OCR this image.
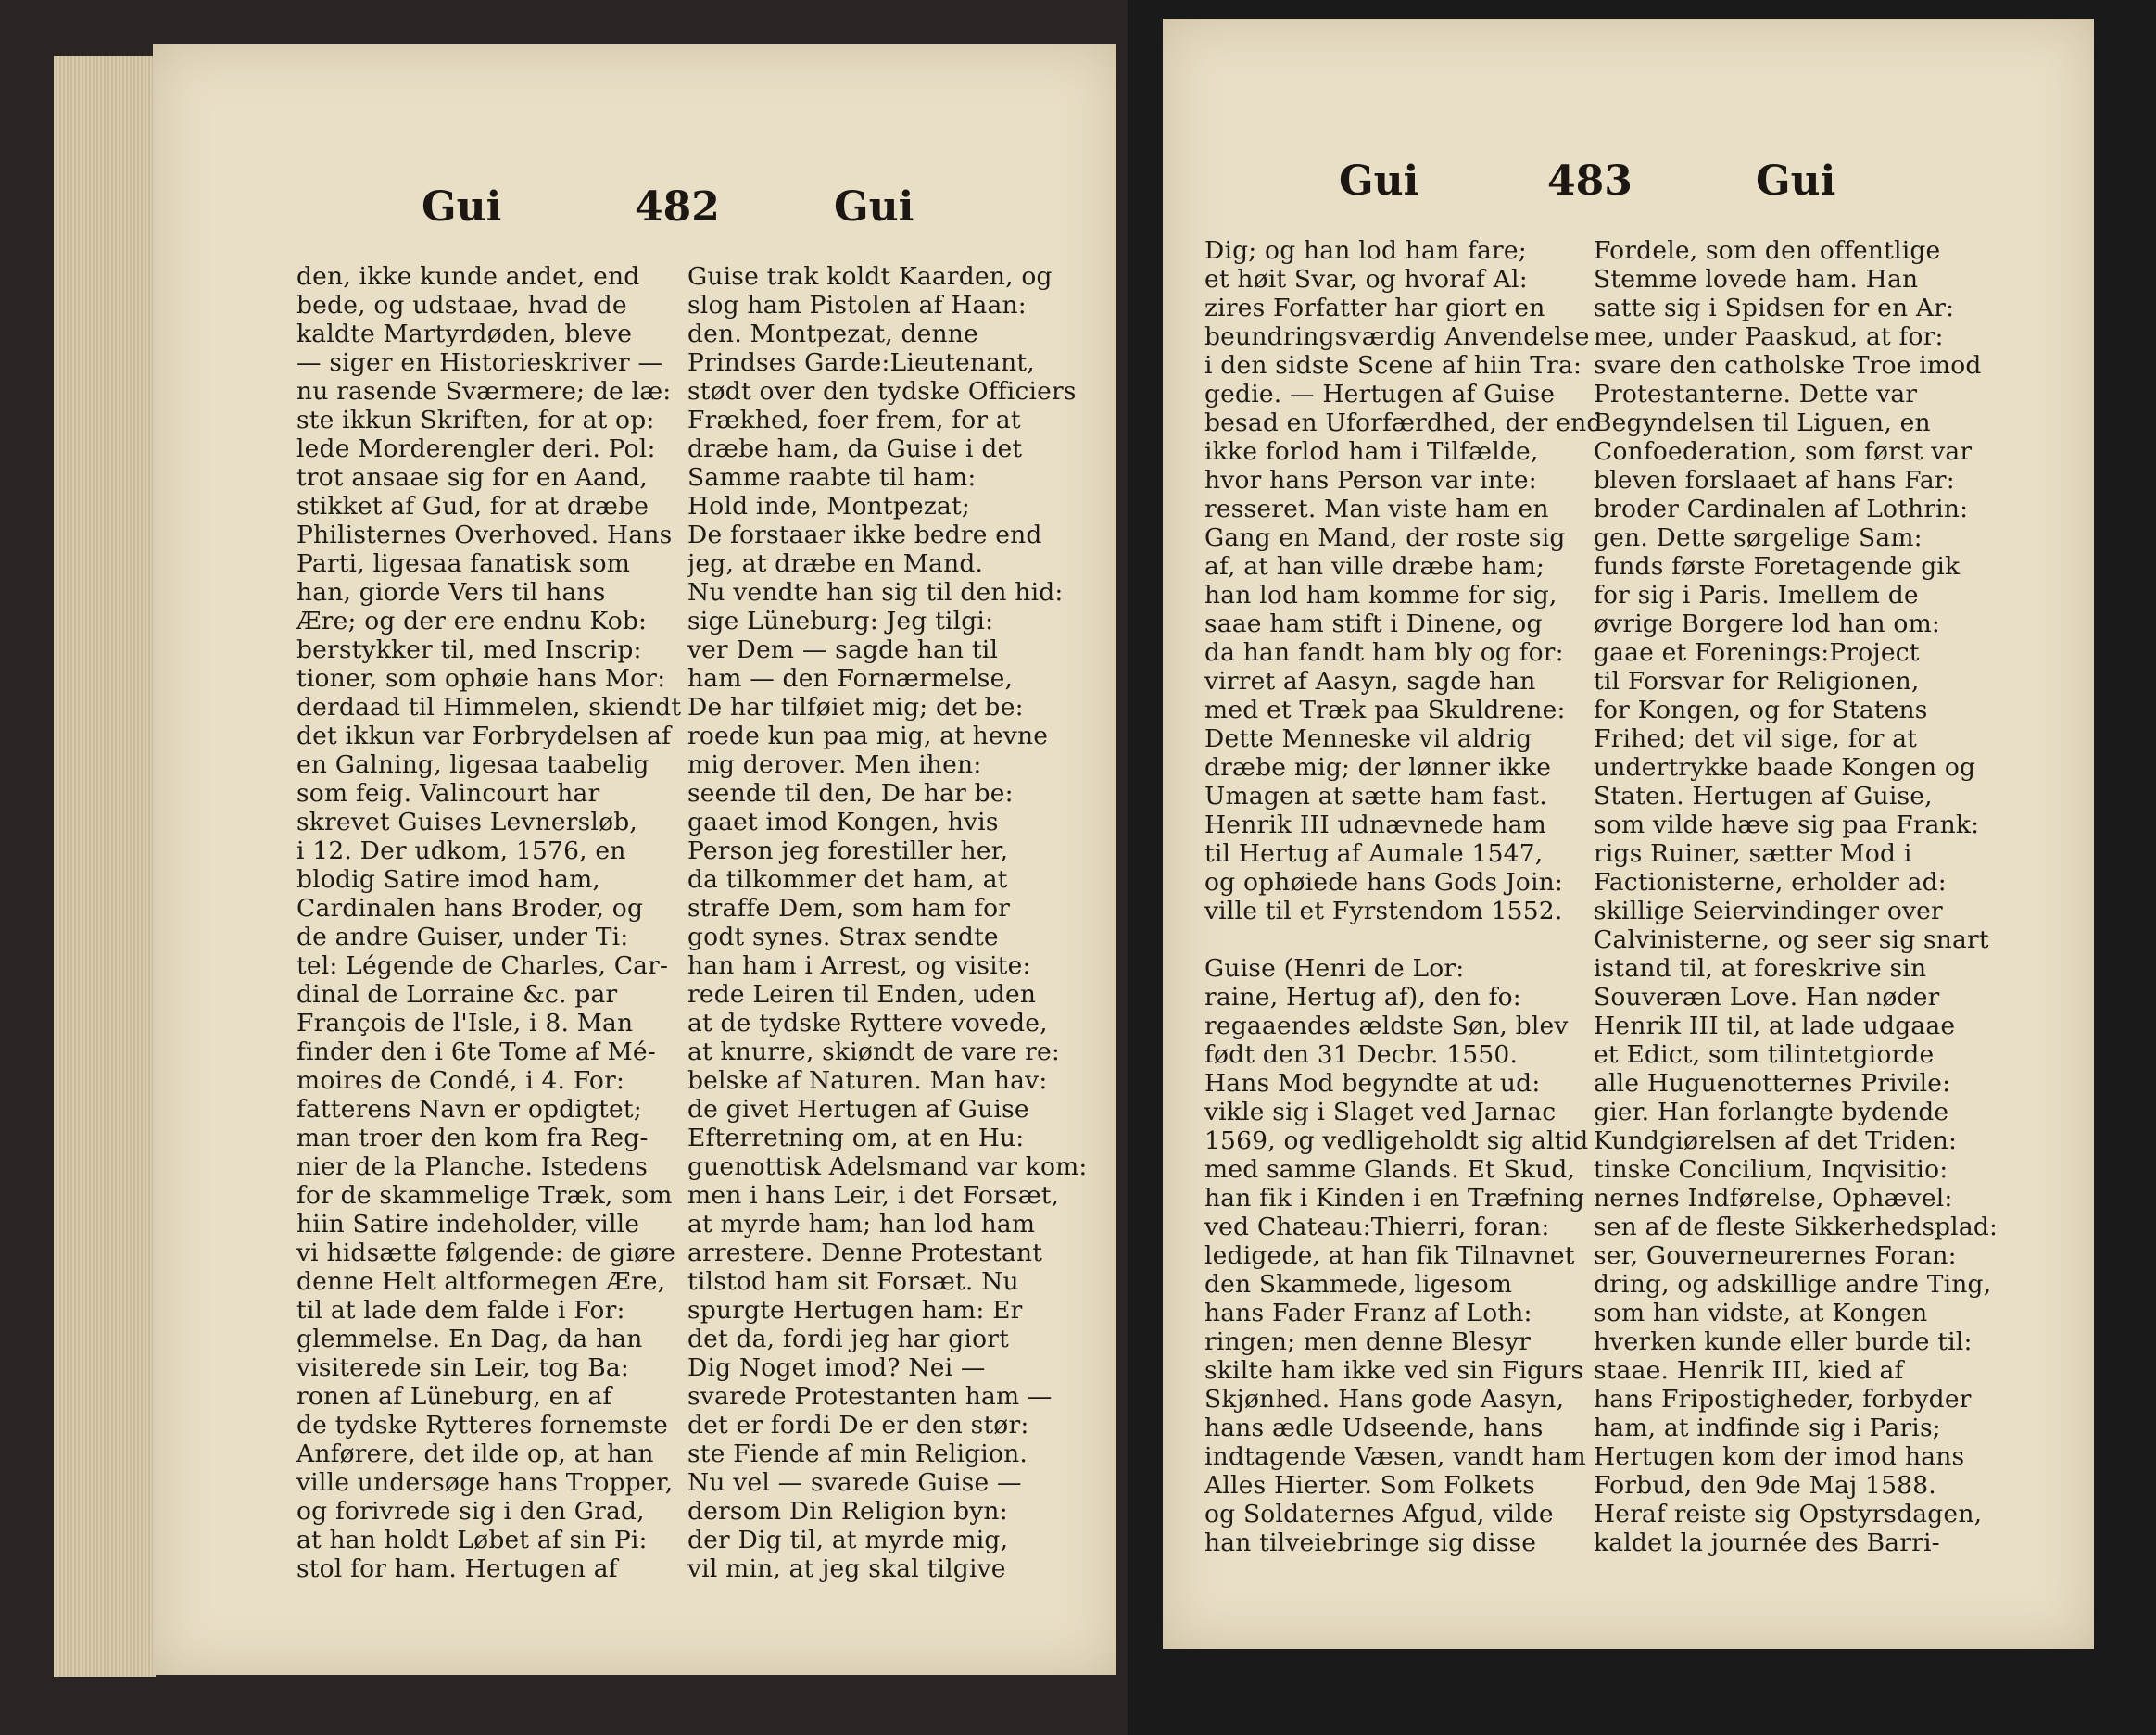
Gui	482	Gui
den, ikke kunde andet, end
bede, og udstaae, hvad de
kaldte Martyrdøden, bleve
— siger en Historieskriver —
nu rasende Sværmere; de læ:
ste ikkun Skriften, for at op:
lede Morderengler deri. Pol:
trot ansaae sig for en Aand,
stikket af Gud, for at dræbe
Philisternes Overhoved. Hans
Parti, ligesaa fanatisk som
han, giorde Vers til hans
Ære; og der ere endnu Kob:
berstykker til, med Inscrip:
tioner, som ophøie hans Mor:
derdaad til Himmelen, skiendt
det ikkun var Forbrydelsen af
en Galning, ligesaa taabelig
som feig. Valincourt har
skrevet Guises Levnersløb,
i 12. Der udkom, 1576, en
blodig Satire imod ham,
Cardinalen hans Broder, og
de andre Guiser, under Ti:
tel: Légende de Charles, Car-
dinal de Lorraine &c. par
François de l'Isle, i 8. Man
finder den i 6te Tome af Mé-
moires de Condé, i 4. For:
fatterens Navn er opdigtet;
man troer den kom fra Reg-
nier de la Planche. Istedens
for de skammelige Træk, som
hiin Satire indeholder, ville
vi hidsætte følgende: de giøre
denne Helt altformegen Ære,
til at lade dem falde i For:
glemmelse. En Dag, da han
visiterede sin Leir, tog Ba:
ronen af Lüneburg, en af
de tydske Rytteres fornemste
Anførere, det ilde op, at han
ville undersøge hans Tropper,
og forivrede sig i den Grad,
at han holdt Løbet af sin Pi:
stol for ham. Hertugen af
Guise trak koldt Kaarden, og
slog ham Pistolen af Haan:
den. Montpezat, denne
Prindses Garde:Lieutenant,
stødt over den tydske Officiers
Frækhed, foer frem, for at
dræbe ham, da Guise i det
Samme raabte til ham:
Hold inde, Montpezat;
De forstaaer ikke bedre end
jeg, at dræbe en Mand.
Nu vendte han sig til den hid:
sige Lüneburg: Jeg tilgi:
ver Dem — sagde han til
ham — den Fornærmelse,
De har tilføiet mig; det be:
roede kun paa mig, at hevne
mig derover. Men ihen:
seende til den, De har be:
gaaet imod Kongen, hvis
Person jeg forestiller her,
da tilkommer det ham, at
straffe Dem, som ham for
godt synes. Strax sendte
han ham i Arrest, og visite:
rede Leiren til Enden, uden
at de tydske Ryttere vovede,
at knurre, skiøndt de vare re:
belske af Naturen. Man hav:
de givet Hertugen af Guise
Efterretning om, at en Hu:
guenottisk Adelsmand var kom:
men i hans Leir, i det Forsæt,
at myrde ham; han lod ham
arrestere. Denne Protestant
tilstod ham sit Forsæt. Nu
spurgte Hertugen ham: Er
det da, fordi jeg har giort
Dig Noget imod? Nei —
svarede Protestanten ham —
det er fordi De er den stør:
ste Fiende af min Religion.
Nu vel — svarede Guise —
dersom Din Religion byn:
der Dig til, at myrde mig,
vil min, at jeg skal tilgive
Gui	483	Gui
Dig; og han lod ham fare;
et høit Svar, og hvoraf Al:
zires Forfatter har giort en
beundringsværdig Anvendelse
i den sidste Scene af hiin Tra:
gedie. — Hertugen af Guise
besad en Uforfærdhed, der end
ikke forlod ham i Tilfælde,
hvor hans Person var inte:
resseret. Man viste ham en
Gang en Mand, der roste sig
af, at han ville dræbe ham;
han lod ham komme for sig,
saae ham stift i Dinene, og
da han fandt ham bly og for:
virret af Aasyn, sagde han
med et Træk paa Skuldrene:
Dette Menneske vil aldrig
dræbe mig; der lønner ikke
Umagen at sætte ham fast.
Henrik III udnævnede ham
til Hertug af Aumale 1547,
og ophøiede hans Gods Join:
ville til et Fyrstendom 1552.

Guise (Henri de Lor:
raine, Hertug af), den fo:
regaaendes ældste Søn, blev
født den 31 Decbr. 1550.
Hans Mod begyndte at ud:
vikle sig i Slaget ved Jarnac
1569, og vedligeholdt sig altid
med samme Glands. Et Skud,
han fik i Kinden i en Træfning
ved Chateau:Thierri, foran:
ledigede, at han fik Tilnavnet
den Skammede, ligesom
hans Fader Franz af Loth:
ringen; men denne Blesyr
skilte ham ikke ved sin Figurs
Skjønhed. Hans gode Aasyn,
hans ædle Udseende, hans
indtagende Væsen, vandt ham
Alles Hierter. Som Folkets
og Soldaternes Afgud, vilde
han tilveiebringe sig disse
Fordele, som den offentlige
Stemme lovede ham. Han
satte sig i Spidsen for en Ar:
mee, under Paaskud, at for:
svare den catholske Troe imod
Protestanterne. Dette var
Begyndelsen til Liguen, en
Confoederation, som først var
bleven forslaaet af hans Far:
broder Cardinalen af Lothrin:
gen. Dette sørgelige Sam:
funds første Foretagende gik
for sig i Paris. Imellem de
øvrige Borgere lod han om:
gaae et Forenings:Project
til Forsvar for Religionen,
for Kongen, og for Statens
Frihed; det vil sige, for at
undertrykke baade Kongen og
Staten. Hertugen af Guise,
som vilde hæve sig paa Frank:
rigs Ruiner, sætter Mod i
Factionisterne, erholder ad:
skillige Seiervindinger over
Calvinisterne, og seer sig snart
istand til, at foreskrive sin
Souveræn Love. Han nøder
Henrik III til, at lade udgaae
et Edict, som tilintetgiorde
alle Huguenotternes Privile:
gier. Han forlangte bydende
Kundgiørelsen af det Triden:
tinske Concilium, Inqvisitio:
nernes Indførelse, Ophævel:
sen af de fleste Sikkerhedsplad:
ser, Gouverneurernes Foran:
dring, og adskillige andre Ting,
som han vidste, at Kongen
hverken kunde eller burde til:
staae. Henrik III, kied af
hans Fripostigheder, forbyder
ham, at indfinde sig i Paris;
Hertugen kom der imod hans
Forbud, den 9de Maj 1588.
Heraf reiste sig Opstyrsdagen,
kaldet la journée des Barri-
